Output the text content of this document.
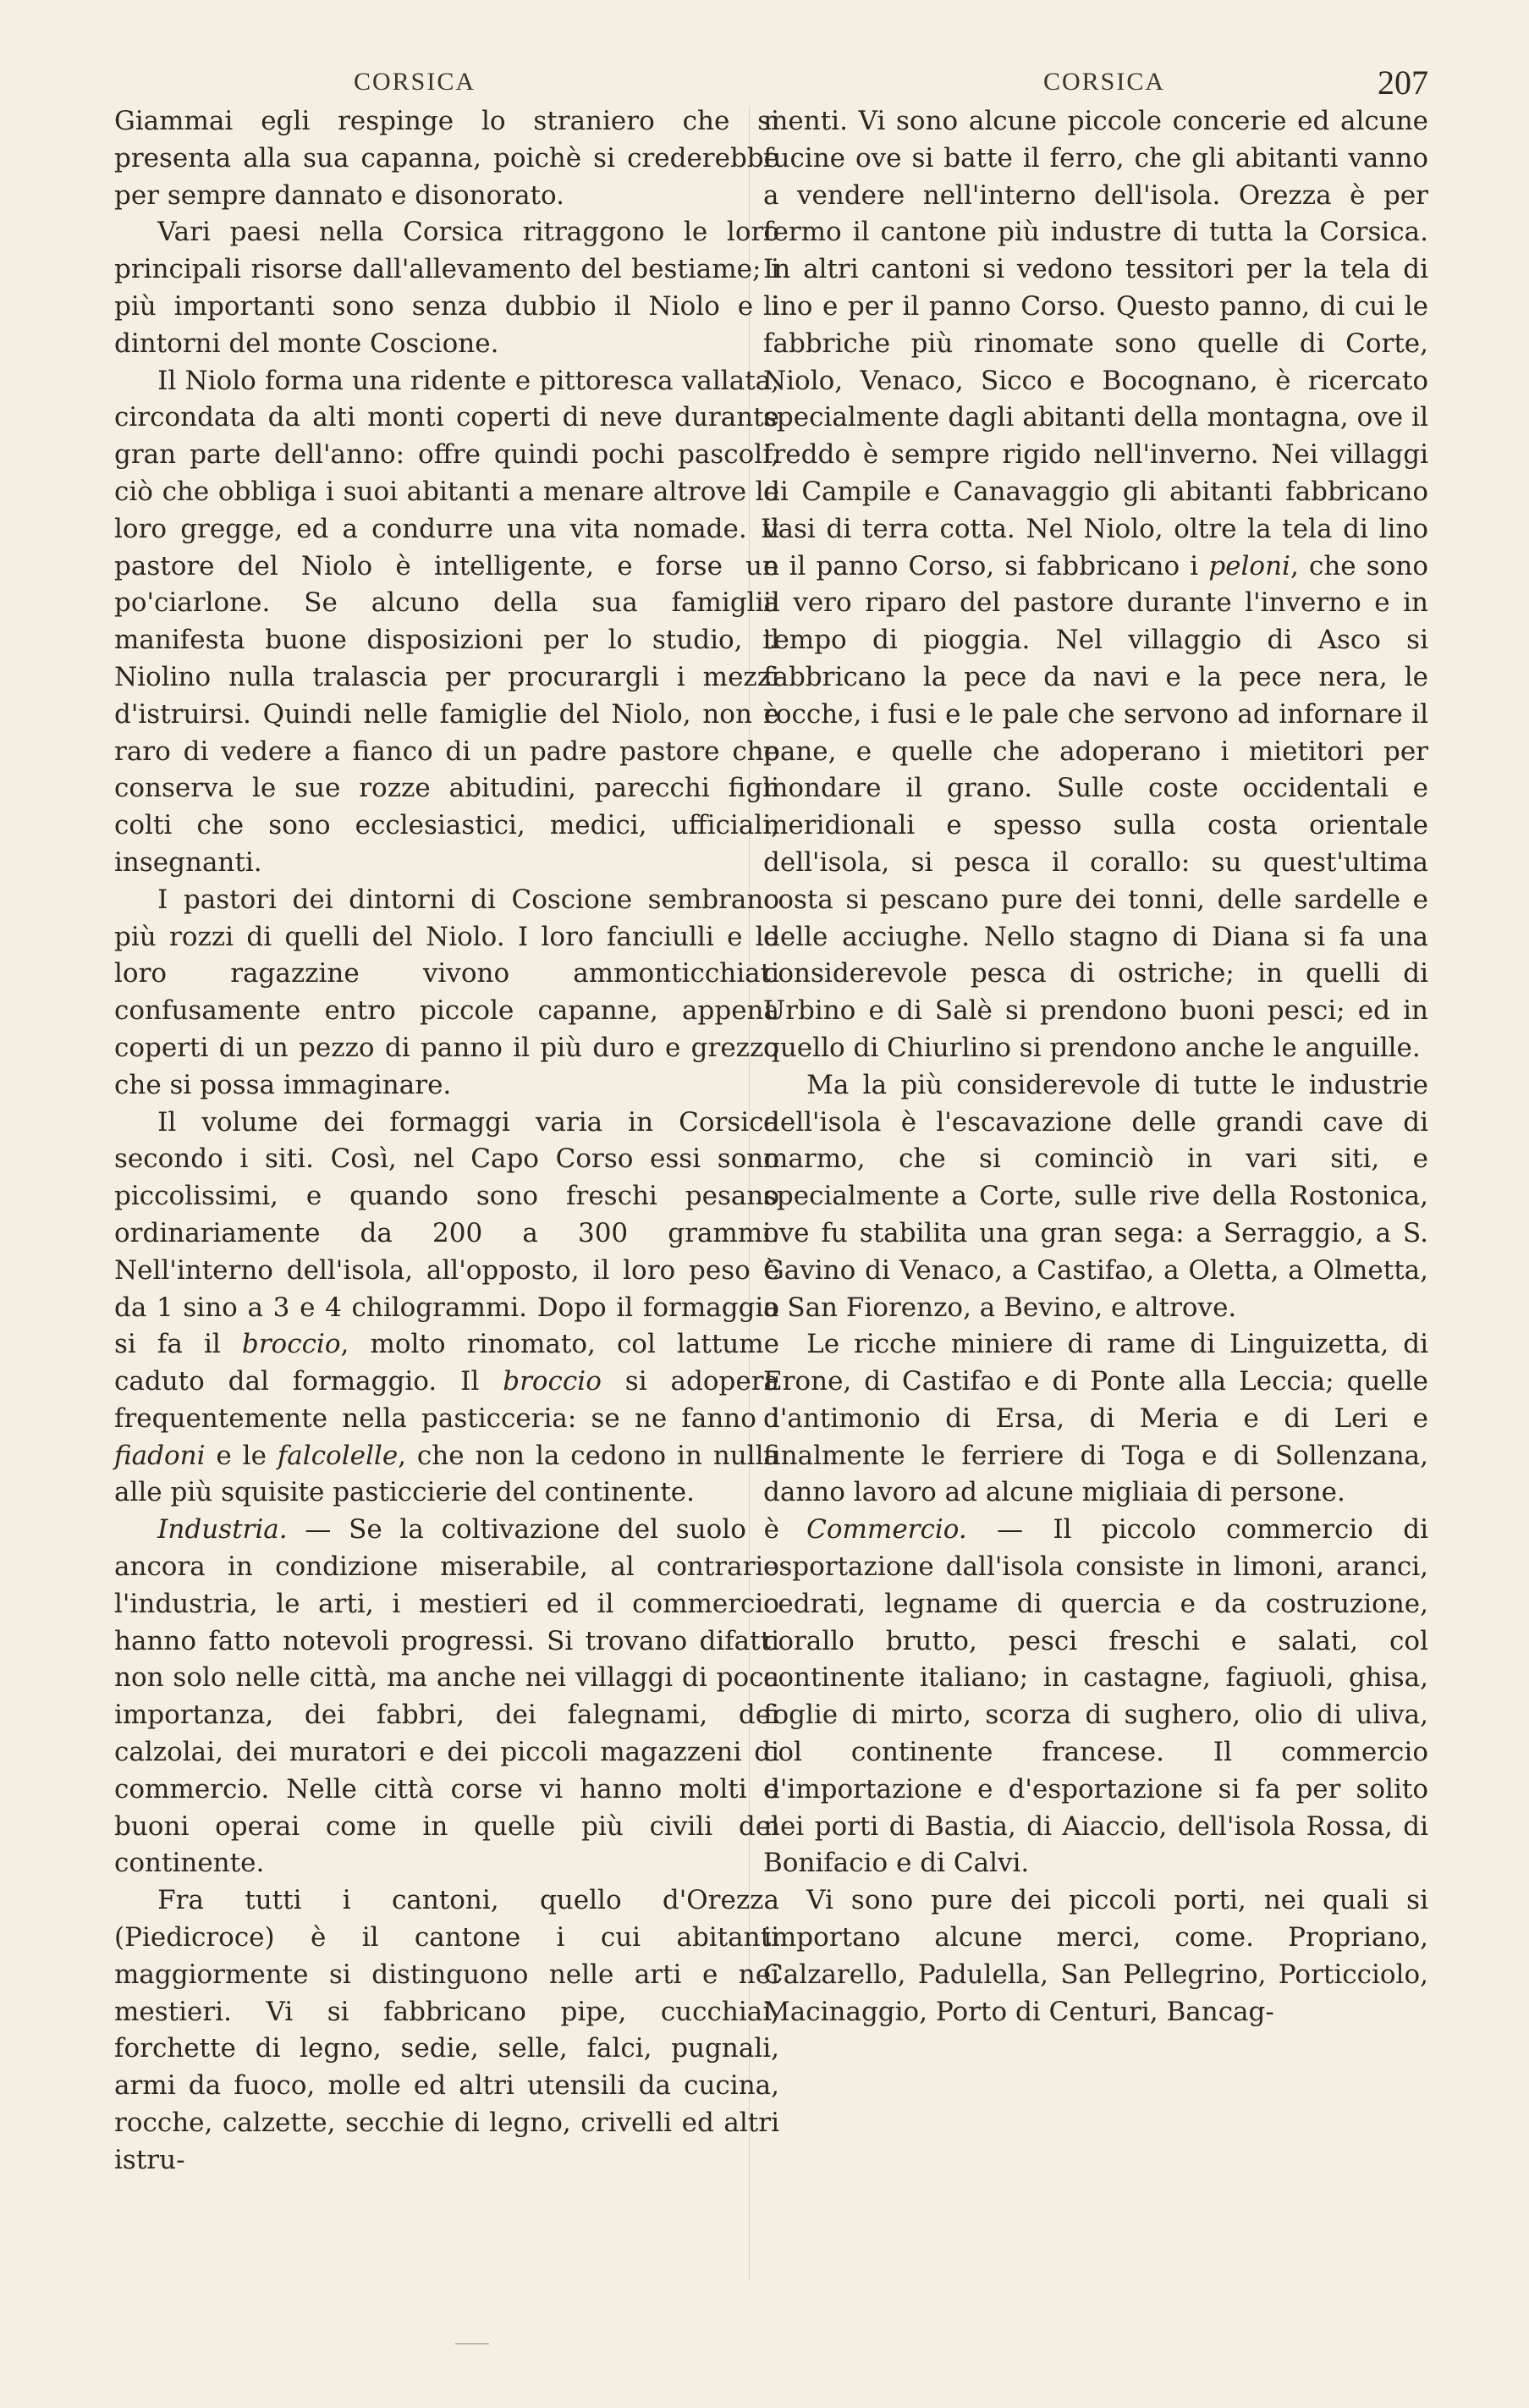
CORSICA	CORSICA	207

Giammai egli respinge lo straniero che si presenta alla sua capanna, poichè si crederebbe per sempre dannato e disonorato.

Vari paesi nella Corsica ritraggono le loro principali risorse dall'allevamento del bestiame; i più importanti sono senza dubbio il Niolo e i dintorni del monte Coscione.

Il Niolo forma una ridente e pittoresca vallata, circondata da alti monti coperti di neve durante gran parte dell'anno: offre quindi pochi pascoli, ciò che obbliga i suoi abitanti a menare altrove le loro gregge, ed a condurre una vita nomade. Il pastore del Niolo è intelligente, e forse un po'ciarlone. Se alcuno della sua famiglia manifesta buone disposizioni per lo studio, il Niolino nulla tralascia per procurargli i mezzi d'istruirsi. Quindi nelle famiglie del Niolo, non è raro di vedere a fianco di un padre pastore che conserva le sue rozze abitudini, parecchi figli colti che sono ecclesiastici, medici, ufficiali, insegnanti.

I pastori dei dintorni di Coscione sembrano più rozzi di quelli del Niolo. I loro fanciulli e le loro ragazzine vivono ammonticchiati confusamente entro piccole capanne, appena coperti di un pezzo di panno il più duro e grezzo che si possa immaginare.

Il volume dei formaggi varia in Corsica secondo i siti. Così, nel Capo Corso essi sono piccolissimi, e quando sono freschi pesano ordinariamente da 200 a 300 grammi. Nell'interno dell'isola, all'opposto, il loro peso è da 1 sino a 3 e 4 chilogrammi. Dopo il formaggio si fa il broccio, molto rinomato, col lattume caduto dal formaggio. Il broccio si adopera frequentemente nella pasticceria: se ne fanno i fiadoni e le falcolelle, che non la cedono in nulla alle più squisite pasticcierie del continente.

Industria. — Se la coltivazione del suolo è ancora in condizione miserabile, al contrario l'industria, le arti, i mestieri ed il commercio hanno fatto notevoli progressi. Si trovano difatti non solo nelle città, ma anche nei villaggi di poca importanza, dei fabbri, dei falegnami, dei calzolai, dei muratori e dei piccoli magazzeni di commercio. Nelle città corse vi hanno molti e buoni operai come in quelle più civili del continente.

Fra tutti i cantoni, quello d'Orezza (Piedicroce) è il cantone i cui abitanti maggiormente si distinguono nelle arti e nei mestieri. Vi si fabbricano pipe, cucchiai, forchette di legno, sedie, selle, falci, pugnali, armi da fuoco, molle ed altri utensili da cucina, rocche, calzette, secchie di legno, crivelli ed altri istru-

menti. Vi sono alcune piccole concerie ed alcune fucine ove si batte il ferro, che gli abitanti vanno a vendere nell'interno dell'isola. Orezza è per fermo il cantone più industre di tutta la Corsica. In altri cantoni si vedono tessitori per la tela di lino e per il panno Corso. Questo panno, di cui le fabbriche più rinomate sono quelle di Corte, Niolo, Venaco, Sicco e Bocognano, è ricercato specialmente dagli abitanti della montagna, ove il freddo è sempre rigido nell'inverno. Nei villaggi di Campile e Canavaggio gli abitanti fabbricano vasi di terra cotta. Nel Niolo, oltre la tela di lino e il panno Corso, si fabbricano i peloni, che sono il vero riparo del pastore durante l'inverno e in tempo di pioggia. Nel villaggio di Asco si fabbricano la pece da navi e la pece nera, le rocche, i fusi e le pale che servono ad infornare il pane, e quelle che adoperano i mietitori per mondare il grano. Sulle coste occidentali e meridionali e spesso sulla costa orientale dell'isola, si pesca il corallo: su quest'ultima costa si pescano pure dei tonni, delle sardelle e delle acciughe. Nello stagno di Diana si fa una considerevole pesca di ostriche; in quelli di Urbino e di Salè si prendono buoni pesci; ed in quello di Chiurlino si prendono anche le anguille.

Ma la più considerevole di tutte le industrie dell'isola è l'escavazione delle grandi cave di marmo, che si cominciò in vari siti, e specialmente a Corte, sulle rive della Rostonica, ove fu stabilita una gran sega: a Serraggio, a S. Gavino di Venaco, a Castifao, a Oletta, a Olmetta, a San Fiorenzo, a Bevino, e altrove.

Le ricche miniere di rame di Linguizetta, di Erone, di Castifao e di Ponte alla Leccia; quelle d'antimonio di Ersa, di Meria e di Leri e finalmente le ferriere di Toga e di Sollenzana, danno lavoro ad alcune migliaia di persone.

Commercio. — Il piccolo commercio di esportazione dall'isola consiste in limoni, aranci, cedrati, legname di quercia e da costruzione, corallo brutto, pesci freschi e salati, col continente italiano; in castagne, fagiuoli, ghisa, foglie di mirto, scorza di sughero, olio di uliva, col continente francese. Il commercio d'importazione e d'esportazione si fa per solito nei porti di Bastia, di Aiaccio, dell'isola Rossa, di Bonifacio e di Calvi.

Vi sono pure dei piccoli porti, nei quali si importano alcune merci, come. Propriano, Calzarello, Padulella, San Pellegrino, Porticciolo, Macinaggio, Porto di Centuri, Bancag-
